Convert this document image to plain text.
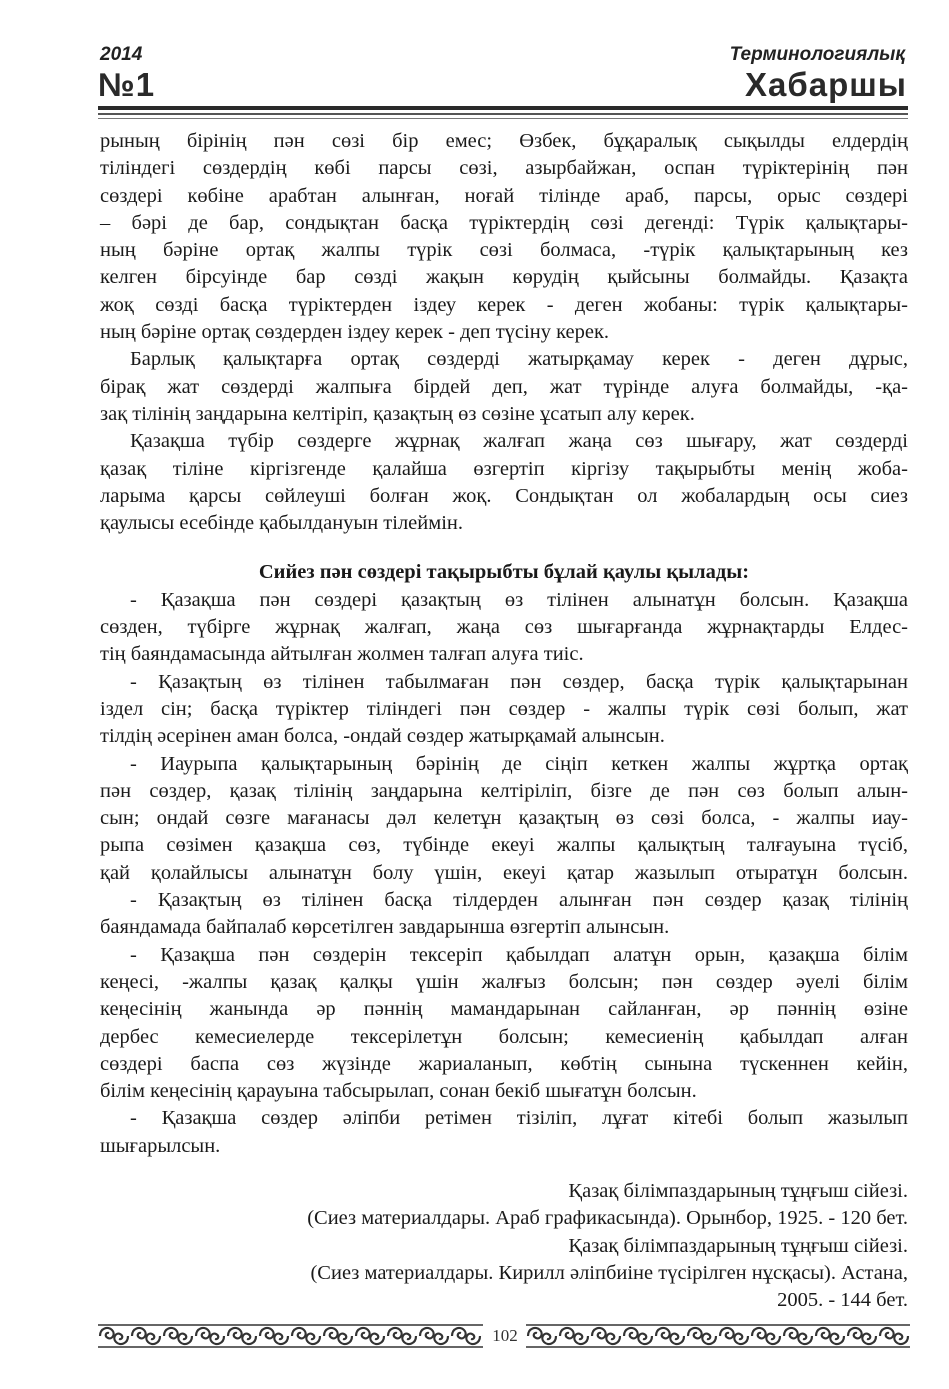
2014
№1
Терминологиялық
Хабаршы
рының бірінің пән сөзі бір емес; Өзбек, бұқаралық сықылды елдердің
тіліндегі сөздердің көбі парсы сөзі, азырбайжан, оспан түріктерінің пән
сөздері көбіне арабтан алынған, ноғай тілінде араб, парсы, орыс сөздері
– бәрі де бар, сондықтан басқа түріктердің сөзі дегенді: Түрік қалықтары-
ның бәріне ортақ жалпы түрік сөзі болмаса, -түрік қалықтарының кез
келген бірсуінде бар сөзді жақын көрудің қыйсыны болмайды. Қазақта
жоқ сөзді басқа түріктерден іздеу керек - деген жобаны: түрік қалықтары-
ның бәріне ортақ сөздерден іздеу керек - деп түсіну керек.
Барлық қалықтарға ортақ сөздерді жатырқамау керек - деген дұрыс,
бірақ жат сөздерді жалпыға бірдей деп, жат түрінде алуға болмайды, -қа-
зақ тілінің заңдарына келтіріп, қазақтың өз сөзіне ұсатып алу керек.
Қазақша түбір сөздерге жұрнақ жалғап жаңа сөз шығару, жат сөздерді
қазақ тіліне кіргізгенде қалайша өзгертіп кіргізу тақырыбты менің жоба-
ларыма қарсы сөйлеуші болған жоқ. Сондықтан ол жобалардың осы сиез
қаулысы есебінде қабылдануын тілеймін.
Сийез пән сөздері тақырыбты бұлай қаулы қылады:
- Қазақша пән сөздері қазақтың өз тілінен алынатұн болсын. Қазақша
сөзден, түбірге жұрнақ жалғап, жаңа сөз шығарғанда жұрнақтарды Елдес-
тің баяндамасында айтылған жолмен талғап алуға тиіс.
- Қазақтың өз тілінен табылмаған пән сөздер, басқа түрік қалықтарынан
іздел сін; басқа түріктер тіліндегі пән сөздер - жалпы түрік сөзі болып, жат
тілдің әсерінен аман болса, -ондай сөздер жатырқамай алынсын.
- Иаурыпа қалықтарының бәрінің де сіңіп кеткен жалпы жұртқа ортақ
пән сөздер, қазақ тілінің заңдарына келтіріліп, бізге де пән сөз болып алын-
сын; ондай сөзге мағанасы дәл келетұн қазақтың өз сөзі болса, - жалпы иау-
рыпа сөзімен қазақша сөз, түбінде екеуі жалпы қалықтың талғауына түсіб,
қай қолайлысы алынатұн болу үшін, екеуі қатар жазылып отыратұн болсын.
- Қазақтың өз тілінен басқа тілдерден алынған пән сөздер қазақ тілінің
баяндамада байпалаб көрсетілген завдарынша өзгертіп алынсын.
- Қазақша пән сөздерін тексеріп қабылдап алатұн орын, қазақша білім
кеңесі, -жалпы қазақ қалқы үшін жалғыз болсын; пән сөздер әуелі білім
кеңесінің жанында әр пәннің мамандарынан сайланған, әр пәннің өзіне
дербес кемесиелерде тексерілетұн болсын; кемесиенің қабылдап алған
сөздері баспа сөз жүзінде жариаланып, көбтің сынына түскеннен кейін,
білім кеңесінің қарауына табсырылап, сонан бекіб шығатұн болсын.
- Қазақша сөздер әліпби ретімен тізіліп, лұғат кітебі болып жазылып
шығарылсын.
Қазақ білімпаздарының тұңғыш сійезі.
(Сиез материалдары. Араб графикасында). Орынбор, 1925. - 120 бет.
Қазақ білімпаздарының тұңғыш сійезі.
(Сиез материалдары. Кирилл әліпбиіне түсірілген нұсқасы). Астана,
2005. - 144 бет.
102
